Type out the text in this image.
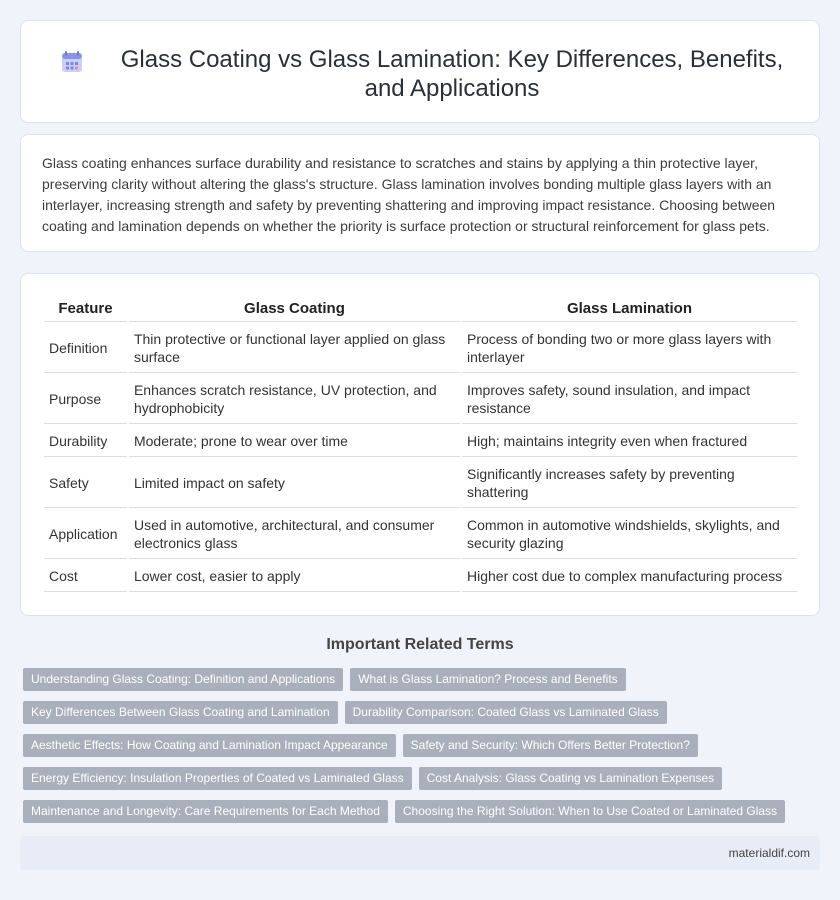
Glass Coating vs Glass Lamination: Key Differences, Benefits, and Applications

Glass coating enhances surface durability and resistance to scratches and stains by applying a thin protective layer, preserving clarity without altering the glass's structure. Glass lamination involves bonding multiple glass layers with an interlayer, increasing strength and safety by preventing shattering and improving impact resistance. Choosing between coating and lamination depends on whether the priority is surface protection or structural reinforcement for glass pets.

Feature	Glass Coating	Glass Lamination
Definition	Thin protective or functional layer applied on glass surface	Process of bonding two or more glass layers with interlayer
Purpose	Enhances scratch resistance, UV protection, and hydrophobicity	Improves safety, sound insulation, and impact resistance
Durability	Moderate; prone to wear over time	High; maintains integrity even when fractured
Safety	Limited impact on safety	Significantly increases safety by preventing shattering
Application	Used in automotive, architectural, and consumer electronics glass	Common in automotive windshields, skylights, and security glazing
Cost	Lower cost, easier to apply	Higher cost due to complex manufacturing process
Important Related Terms
Understanding Glass Coating: Definition and Applications	What is Glass Lamination? Process and Benefits
Key Differences Between Glass Coating and Lamination	Durability Comparison: Coated Glass vs Laminated Glass
Aesthetic Effects: How Coating and Lamination Impact Appearance	Safety and Security: Which Offers Better Protection?
Energy Efficiency: Insulation Properties of Coated vs Laminated Glass	Cost Analysis: Glass Coating vs Lamination Expenses
Maintenance and Longevity: Care Requirements for Each Method	Choosing the Right Solution: When to Use Coated or Laminated Glass
materialdif.com
